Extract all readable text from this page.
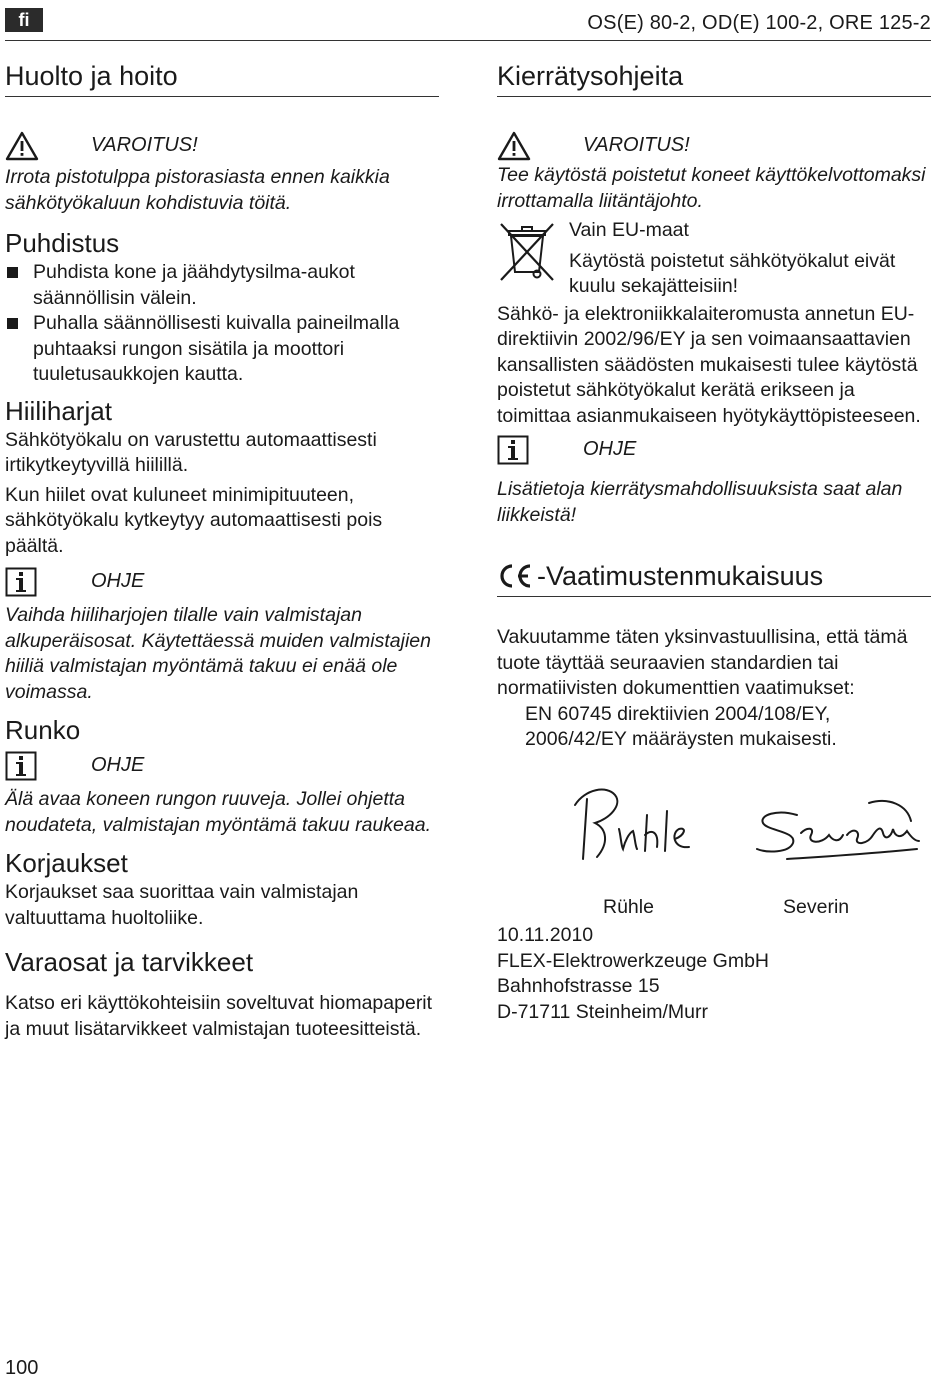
fi	OS(E) 80-2, OD(E) 100-2, ORE 125-2
Huolto ja hoito
VAROITUS!

Irrota pistotulppa pistorasiasta ennen kaikkia sähkötyökaluun kohdistuvia töitä.

Puhdistus
Puhdista kone ja jäähdytysilma-aukot säännöllisin välein.
Puhalla säännöllisesti kuivalla paineilmalla puhtaaksi rungon sisätila ja moottori tuuletusaukkojen kautta.
Hiiliharjat

Sähkötyökalu on varustettu automaattisesti irtikytkeytyvillä hiilillä.

Kun hiilet ovat kuluneet minimipituuteen, sähkötyökalu kytkeytyy automaattisesti pois päältä.

OHJE

Vaihda hiiliharjojen tilalle vain valmistajan alkuperäisosat. Käytettäessä muiden valmistajien hiiliä valmistajan myöntämä takuu ei enää ole voimassa.

Runko
OHJE

Älä avaa koneen rungon ruuveja. Jollei ohjetta noudateta, valmistajan myöntämä takuu raukeaa.

Korjaukset

Korjaukset saa suorittaa vain valmistajan valtuuttama huoltoliike.

Varaosat ja tarvikkeet

Katso eri käyttökohteisiin soveltuvat hiomapaperit ja muut lisätarvikkeet valmistajan tuoteesitteistä.

Kierrätysohjeita
VAROITUS!

Tee käytöstä poistetut koneet käyttökelvottomaksi irrottamalla liitäntäjohto.

Vain EU-maat

Käytöstä poistetut sähkötyökalut eivät kuulu sekajätteisiin!

Sähkö- ja elektroniikkalaiteromusta annetun EU-direktiivin 2002/96/EY ja sen voimaansaattavien kansallisten säädösten mukaisesti tulee käytöstä poistetut sähkötyökalut kerätä erikseen ja toimittaa asianmukaiseen hyötykäyttöpisteeseen.

OHJE

Lisätietoja kierrätysmahdollisuuksista saat alan liikkeistä!

-Vaatimustenmukaisuus

Vakuutamme täten yksinvastuullisina, että tämä tuote täyttää seuraavien standardien tai normatiivisten dokumenttien vaatimukset:

EN 60745 direktiivien 2004/108/EY,

2006/42/EY määräysten mukaisesti.

Rühle	Severin

10.11.2010

FLEX-Elektrowerkzeuge GmbH

Bahnhofstrasse 15

D-71711 Steinheim/Murr

100
